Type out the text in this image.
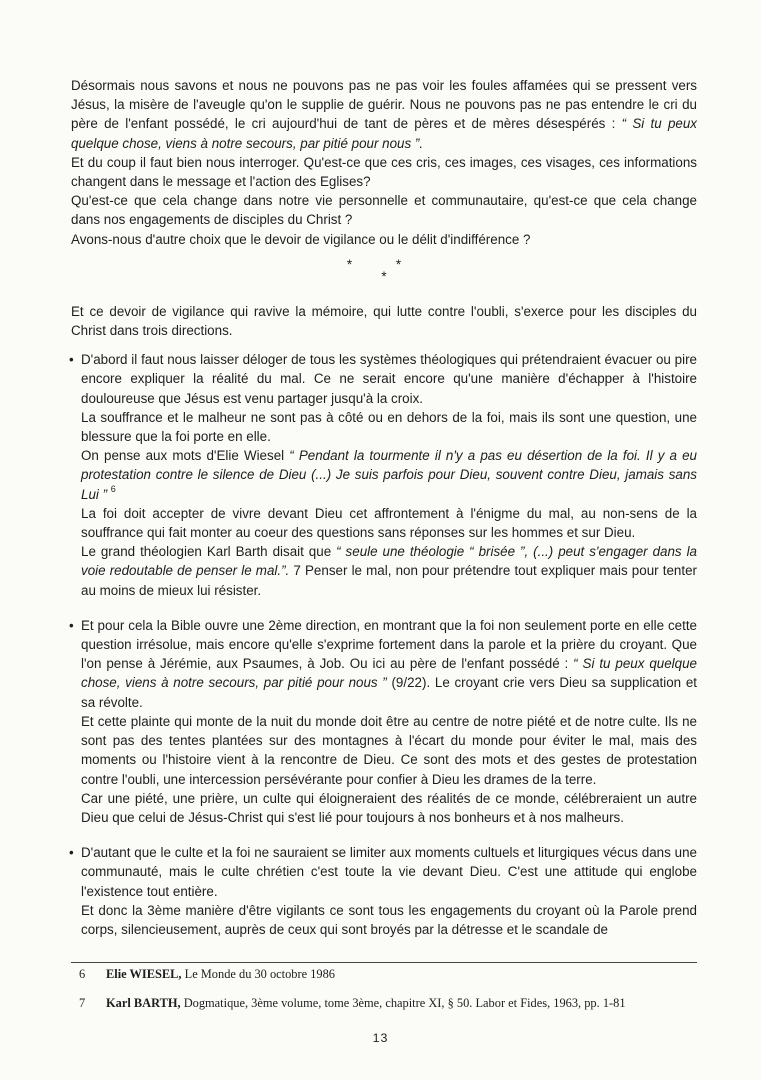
Désormais nous savons et nous ne pouvons pas ne pas voir les foules affamées qui se pressent vers Jésus, la misère de l'aveugle qu'on le supplie de guérir. Nous ne pouvons pas ne pas entendre le cri du père de l'enfant possédé, le cri aujourd'hui de tant de pères et de mères désespérés : “ Si tu peux quelque chose, viens à notre secours, par pitié pour nous ”.

Et du coup il faut bien nous interroger. Qu'est-ce que ces cris, ces images, ces visages, ces informations changent dans le message et l'action des Eglises?

Qu'est-ce que cela change dans notre vie personnelle et communautaire, qu'est-ce que cela change dans nos engagements de disciples du Christ ?

Avons-nous d'autre choix que le devoir de vigilance ou le délit d'indifférence ?

* *
*

Et ce devoir de vigilance qui ravive la mémoire, qui lutte contre l'oubli, s'exerce pour les disciples du Christ dans trois directions.

• D'abord il faut nous laisser déloger de tous les systèmes théologiques qui prétendraient évacuer ou pire encore expliquer la réalité du mal. Ce ne serait encore qu'une manière d'échapper à l'histoire douloureuse que Jésus est venu partager jusqu'à la croix.

La souffrance et le malheur ne sont pas à côté ou en dehors de la foi, mais ils sont une question, une blessure que la foi porte en elle.

On pense aux mots d'Elie Wiesel “ Pendant la tourmente il n'y a pas eu désertion de la foi. Il y a eu protestation contre le silence de Dieu (...) Je suis parfois pour Dieu, souvent contre Dieu, jamais sans Lui ” $^6$

La foi doit accepter de vivre devant Dieu cet affrontement à l'énigme du mal, au non-sens de la souffrance qui fait monter au coeur des questions sans réponses sur les hommes et sur Dieu.

Le grand théologien Karl Barth disait que “ seule une théologie “ brisée ”, (...) peut s'engager dans la voie redoutable de penser le mal.”. 7 Penser le mal, non pour prétendre tout expliquer mais pour tenter au moins de mieux lui résister.

• Et pour cela la Bible ouvre une 2ème direction, en montrant que la foi non seulement porte en elle cette question irrésolue, mais encore qu'elle s'exprime fortement dans la parole et la prière du croyant. Que l'on pense à Jérémie, aux Psaumes, à Job. Ou ici au père de l'enfant possédé : “ Si tu peux quelque chose, viens à notre secours, par pitié pour nous ” (9/22). Le croyant crie vers Dieu sa supplication et sa révolte.

Et cette plainte qui monte de la nuit du monde doit être au centre de notre piété et de notre culte. Ils ne sont pas des tentes plantées sur des montagnes à l'écart du monde pour éviter le mal, mais des moments ou l'histoire vient à la rencontre de Dieu. Ce sont des mots et des gestes de protestation contre l'oubli, une intercession persévérante pour confier à Dieu les drames de la terre.

Car une piété, une prière, un culte qui éloigneraient des réalités de ce monde, célébreraient un autre Dieu que celui de Jésus-Christ qui s'est lié pour toujours à nos bonheurs et à nos malheurs.

• D'autant que le culte et la foi ne sauraient se limiter aux moments cultuels et liturgiques vécus dans une communauté, mais le culte chrétien c'est toute la vie devant Dieu. C'est une attitude qui englobe l'existence tout entière.

Et donc la 3ème manière d'être vigilants ce sont tous les engagements du croyant où la Parole prend corps, silencieusement, auprès de ceux qui sont broyés par la détresse et le scandale de

6 Elie WIESEL, Le Monde du 30 octobre 1986
7 Karl BARTH, Dogmatique, 3ème volume, tome 3ème, chapitre XI, § 50. Labor et Fides, 1963, pp. 1-81
13
